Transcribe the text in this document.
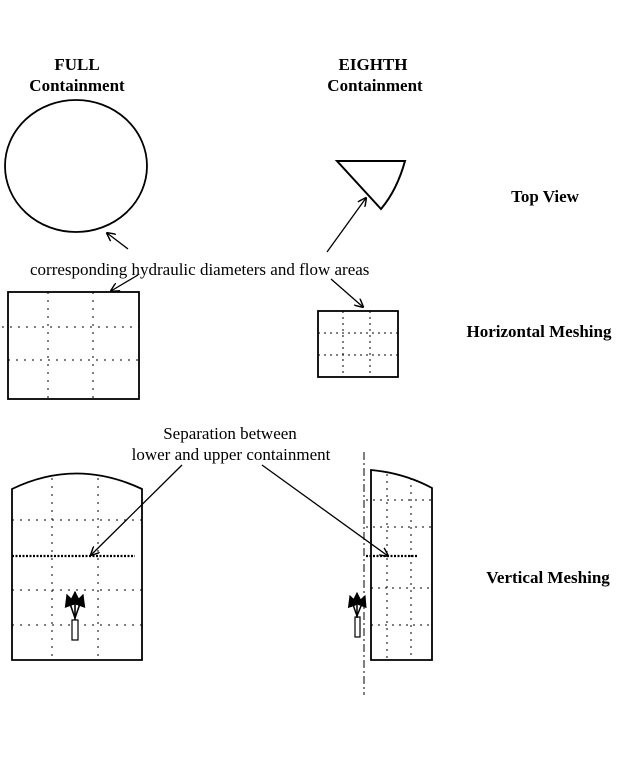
FULL
Containment
EIGHTH
Containment
Top View
Horizontal Meshing
Vertical Meshing
corresponding hydraulic diameters and flow areas
Separation between
lower and upper containment
